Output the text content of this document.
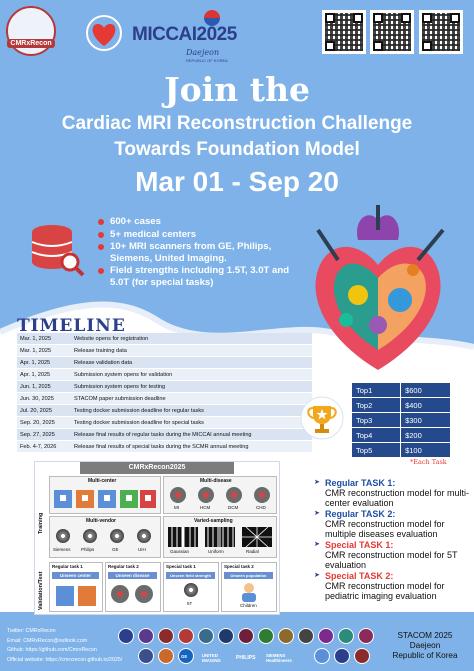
CMRxRecon	MICCAI2025
Daejeon
REPUBLIC OF KOREA
Join the
Cardiac MRI Reconstruction Challenge
Towards Foundation Model
Mar 01 - Sep 20
600+ cases
5+ medical centers
10+ MRI scanners from GE, Philips, Siemens, United Imaging.
Field strengths including 1.5T, 3.0T and 5.0T (for special tasks)
TIMELINE
Mar. 1, 2025	Website opens for registration
Mar. 1, 2025	Release training data
Apr. 1, 2025	Release validation data
Apr. 1, 2025	Submission system opens for validation
Jun. 1, 2025	Submission system opens for testing
Jun. 30, 2025	STACOM paper submission deadline
Jul. 20, 2025	Testing docker submission deadline for regular tasks
Sep. 20, 2025	Testing docker submission deadline for special tasks
Sep. 27, 2025	Release final results of regular tasks during the MICCAI annual meeting
Feb. 4-7, 2026	Release final results of special tasks during the SCMR annual meeting
Top1	$600
Top2	$400
Top3	$300
Top4	$200
Top5	$100
*Each Task
CMRxRecon2025
Training
Validation/Test
Multi-center	Multi-disease
MI	HCM	DCM	CHD
Multi-vendor
Siemens Philips	GE	UIH
Varied-sampling
Gaussian	Uniform	Radial
Regular task 1
Unseen center
Regular task 2
Unseen disease
Special task 1
Unseen field strength
5T
Special task 2
Unseen population
Children
➤ Regular TASK 1:
CMR reconstruction model for multi-center evaluation
➤ Regular TASK 2:
CMR reconstruction model for multiple diseases evaluation
➤ Special TASK 1:
CMR reconstruction model for 5T evaluation
➤ Special TASK 2:
CMR reconstruction model for pediatric imaging evaluation
Twitter: CMRxRecon
Email: CMRxRecon@outlook.com
Github: https://github.com/CmrxRecon
Official website: https://cmrxrecon.github.io/2025/
GE	UNITED IMAGING	PHILIPS SIEMENS Healthineers
STACOM 2025
Daejeon
Republic of Korea
